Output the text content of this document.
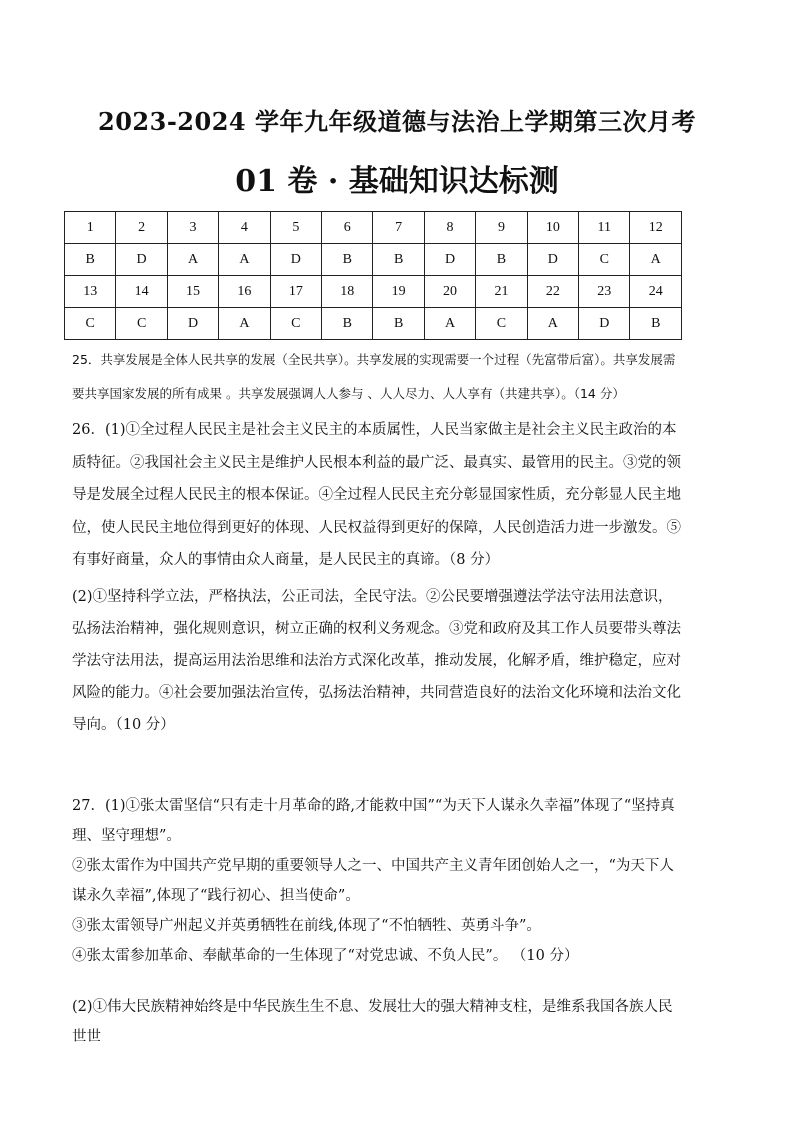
2023-2024 学年九年级道德与法治上学期第三次月考
01 卷 · 基础知识达标测
1	2	3	4	5	6	7	8	9	10	11	12
B	D	A	A	D	B	B	D	B	D	C	A
13	14	15	16	17	18	19	20	21	22	23	24
C	C	D	A	C	B	B	A	C	A	D	B

25．共享发展是全体人民共享的发展（全民共享）。共享发展的实现需要一个过程（先富带后富）。共享发展需要共享国家发展的所有成果 。共享发展强调人人参与 、人人尽力、人人享有（共建共享）。（14 分）

26．(1)①全过程人民民主是社会主义民主的本质属性，人民当家做主是社会主义民主政治的本质特征。②我国社会主义民主是维护人民根本利益的最广泛、最真实、最管用的民主。③党的领导是发展全过程人民民主的根本保证。④全过程人民民主充分彰显国家性质，充分彰显人民主地位，使人民民主地位得到更好的体现、人民权益得到更好的保障，人民创造活力进一步激发。⑤有事好商量，众人的事情由众人商量，是人民民主的真谛。（8 分）

(2)①坚持科学立法，严格执法，公正司法，全民守法。②公民要增强遵法学法守法用法意识，弘扬法治精神，强化规则意识，树立正确的权利义务观念。③党和政府及其工作人员要带头尊法学法守法用法，提高运用法治思维和法治方式深化改革，推动发展，化解矛盾，维护稳定，应对风险的能力。④社会要加强法治宣传，弘扬法治精神，共同营造良好的法治文化环境和法治文化导向。（10 分）

27．(1)①张太雷坚信“只有走十月革命的路,才能救中国”“为天下人谋永久幸福”体现了“坚持真理、坚守理想”。
②张太雷作为中国共产党早期的重要领导人之一、中国共产主义青年团创始人之一，“为天下人谋永久幸福”,体现了“践行初心、担当使命”。
③张太雷领导广州起义并英勇牺牲在前线,体现了“不怕牺牲、英勇斗争”。
④张太雷参加革命、奉献革命的一生体现了“对党忠诚、不负人民”。 （10 分）

(2)①伟大民族精神始终是中华民族生生不息、发展壮大的强大精神支柱，是维系我国各族人民世世
